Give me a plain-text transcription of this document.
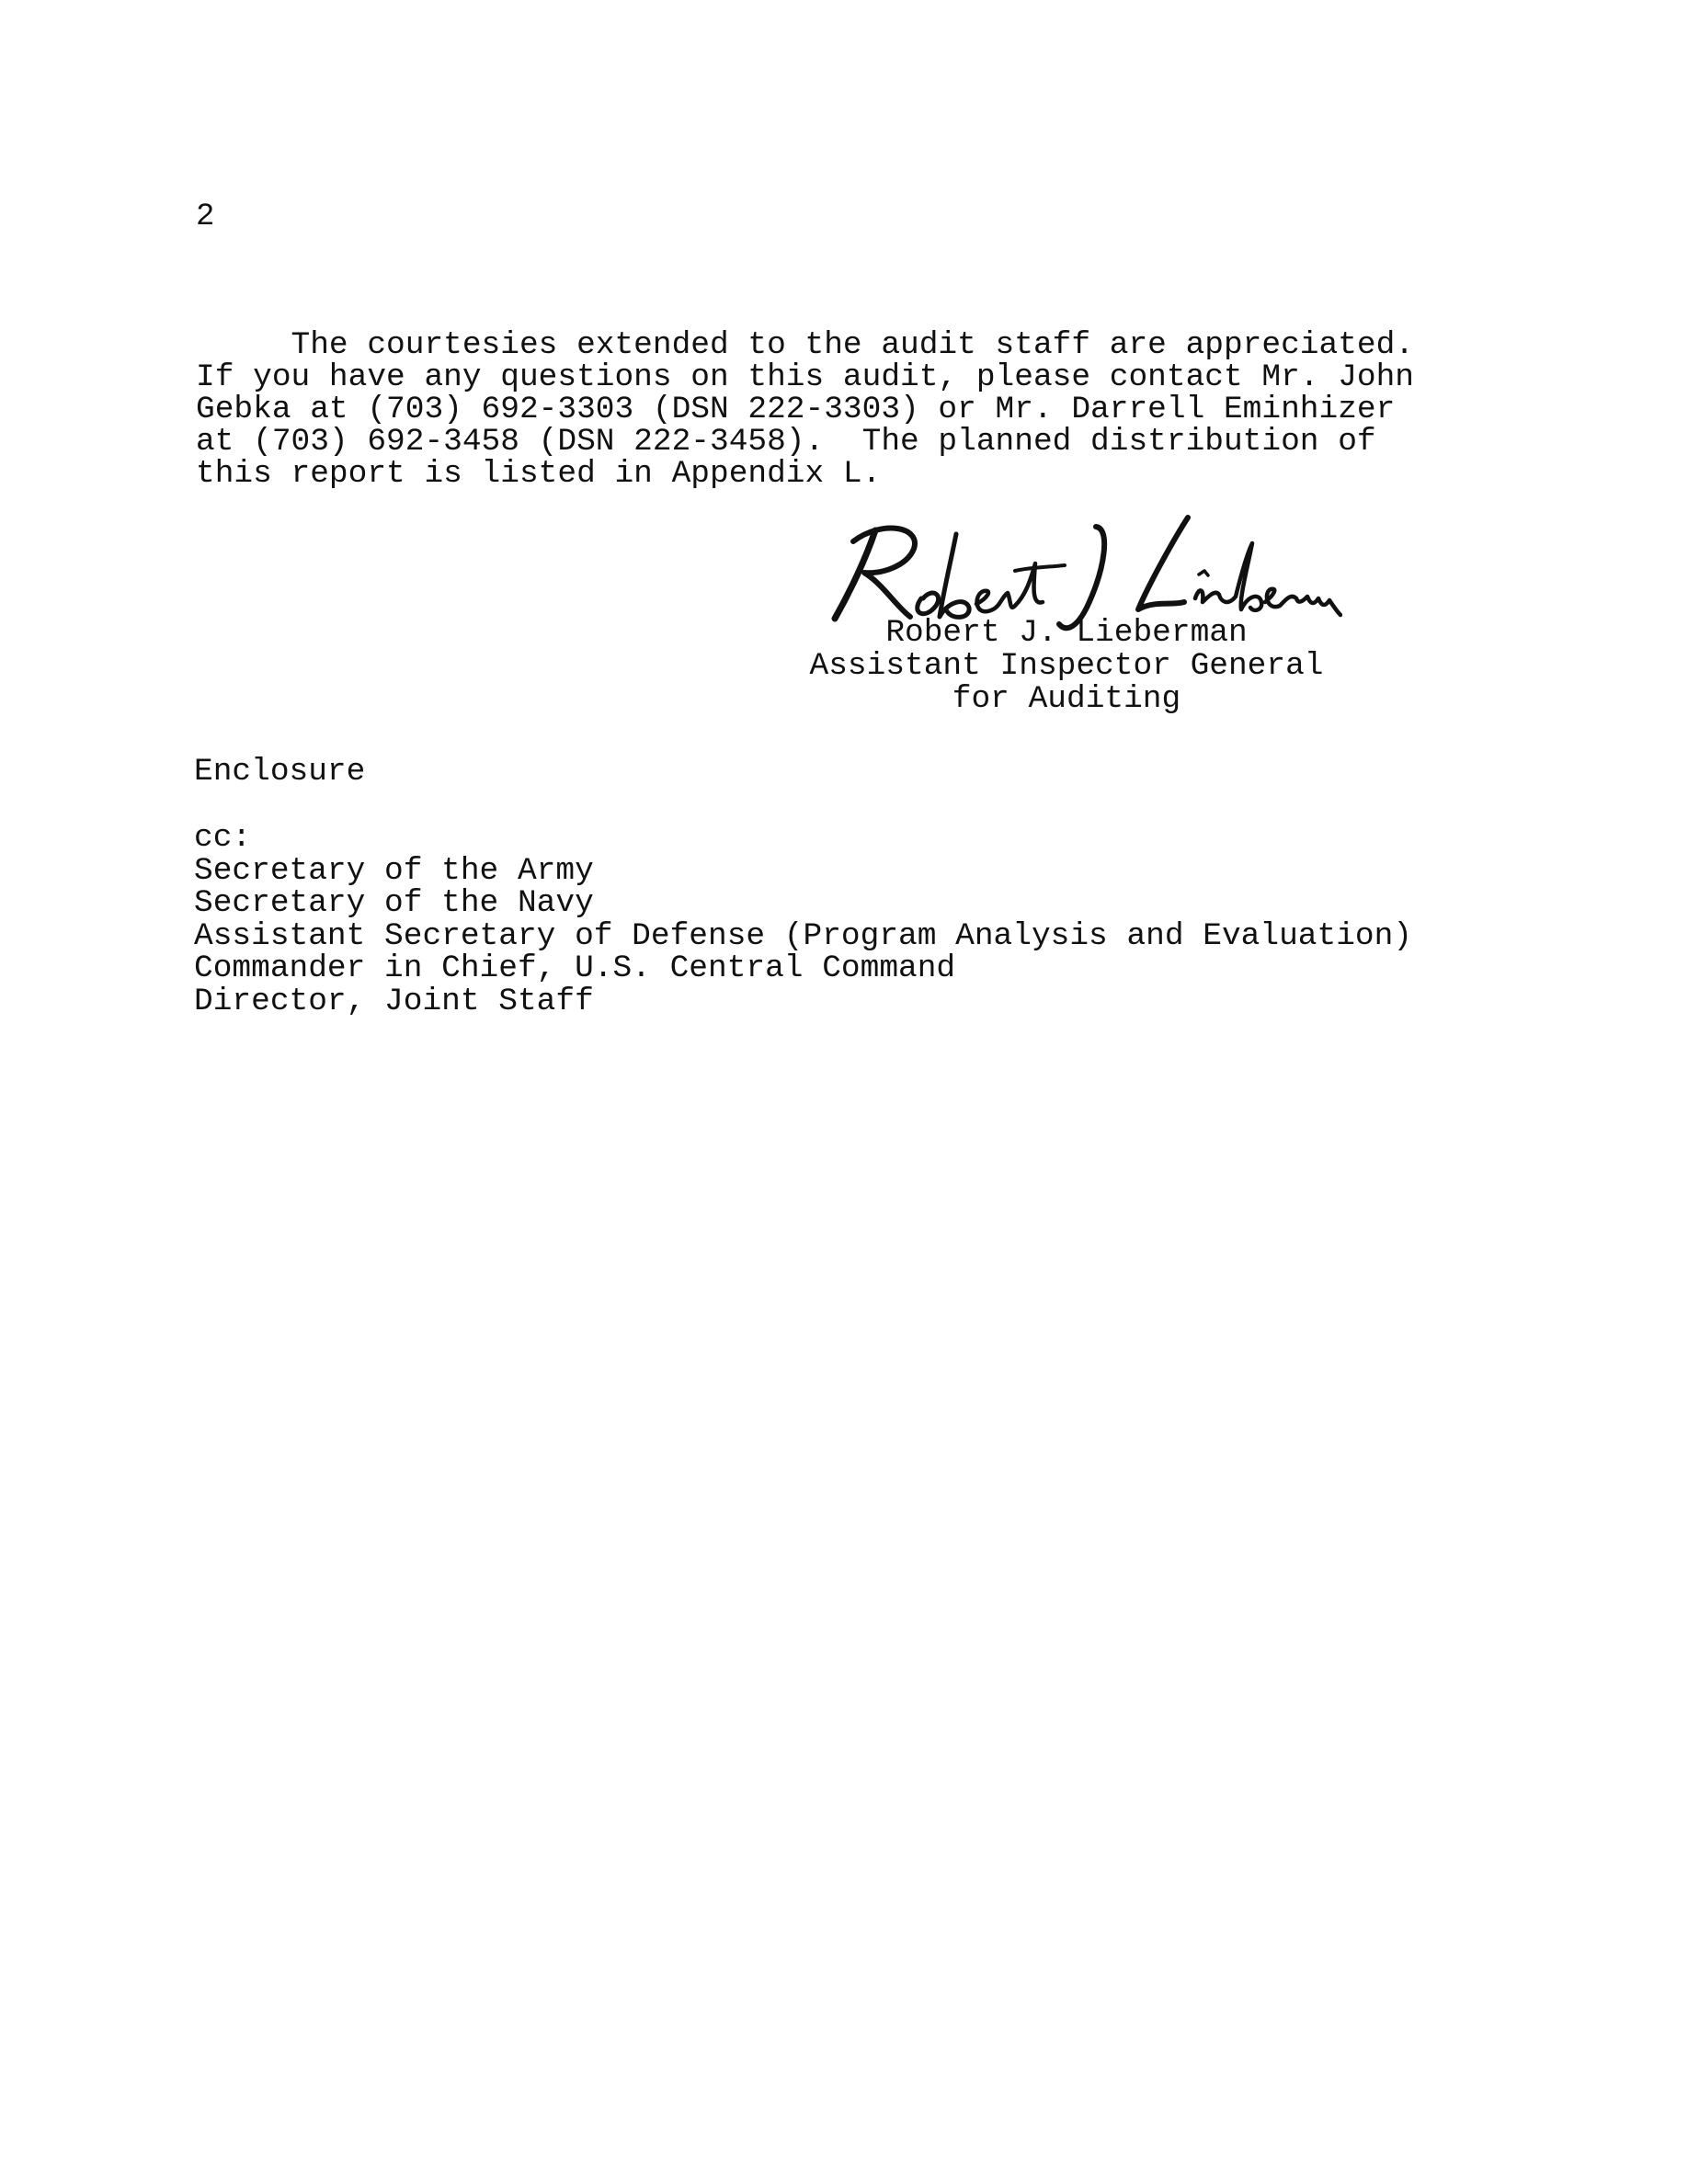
2
The courtesies extended to the audit staff are appreciated.
If you have any questions on this audit, please contact Mr. John
Gebka at (703) 692-3303 (DSN 222-3303) or Mr. Darrell Eminhizer
at (703) 692-3458 (DSN 222-3458).  The planned distribution of
this report is listed in Appendix L.
Robert J. Lieberman
Assistant Inspector General
for Auditing
Enclosure
cc:
Secretary of the Army
Secretary of the Navy
Assistant Secretary of Defense (Program Analysis and Evaluation)
Commander in Chief, U.S. Central Command
Director, Joint Staff
